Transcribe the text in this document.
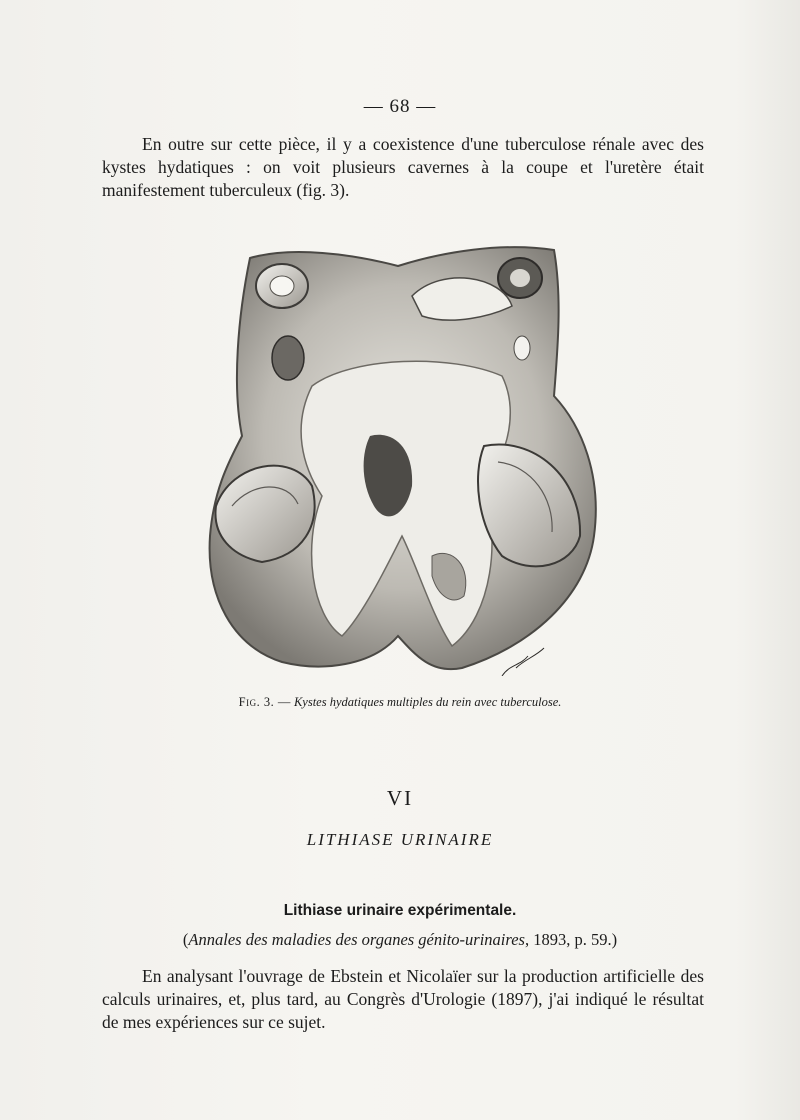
— 68 —

En outre sur cette pièce, il y a coexistence d'une tuberculose rénale avec des kystes hydatiques : on voit plusieurs cavernes à la coupe et l'uretère était manifestement tuberculeux (fig. 3).

Fig. 3. — Kystes hydatiques multiples du rein avec tuberculose.
VI
LITHIASE URINAIRE
Lithiase urinaire expérimentale.
(Annales des maladies des organes génito-urinaires, 1893, p. 59.)

En analysant l'ouvrage de Ebstein et Nicolaïer sur la production artificielle des calculs urinaires, et, plus tard, au Congrès d'Urologie (1897), j'ai indiqué le résultat de mes expériences sur ce sujet.
